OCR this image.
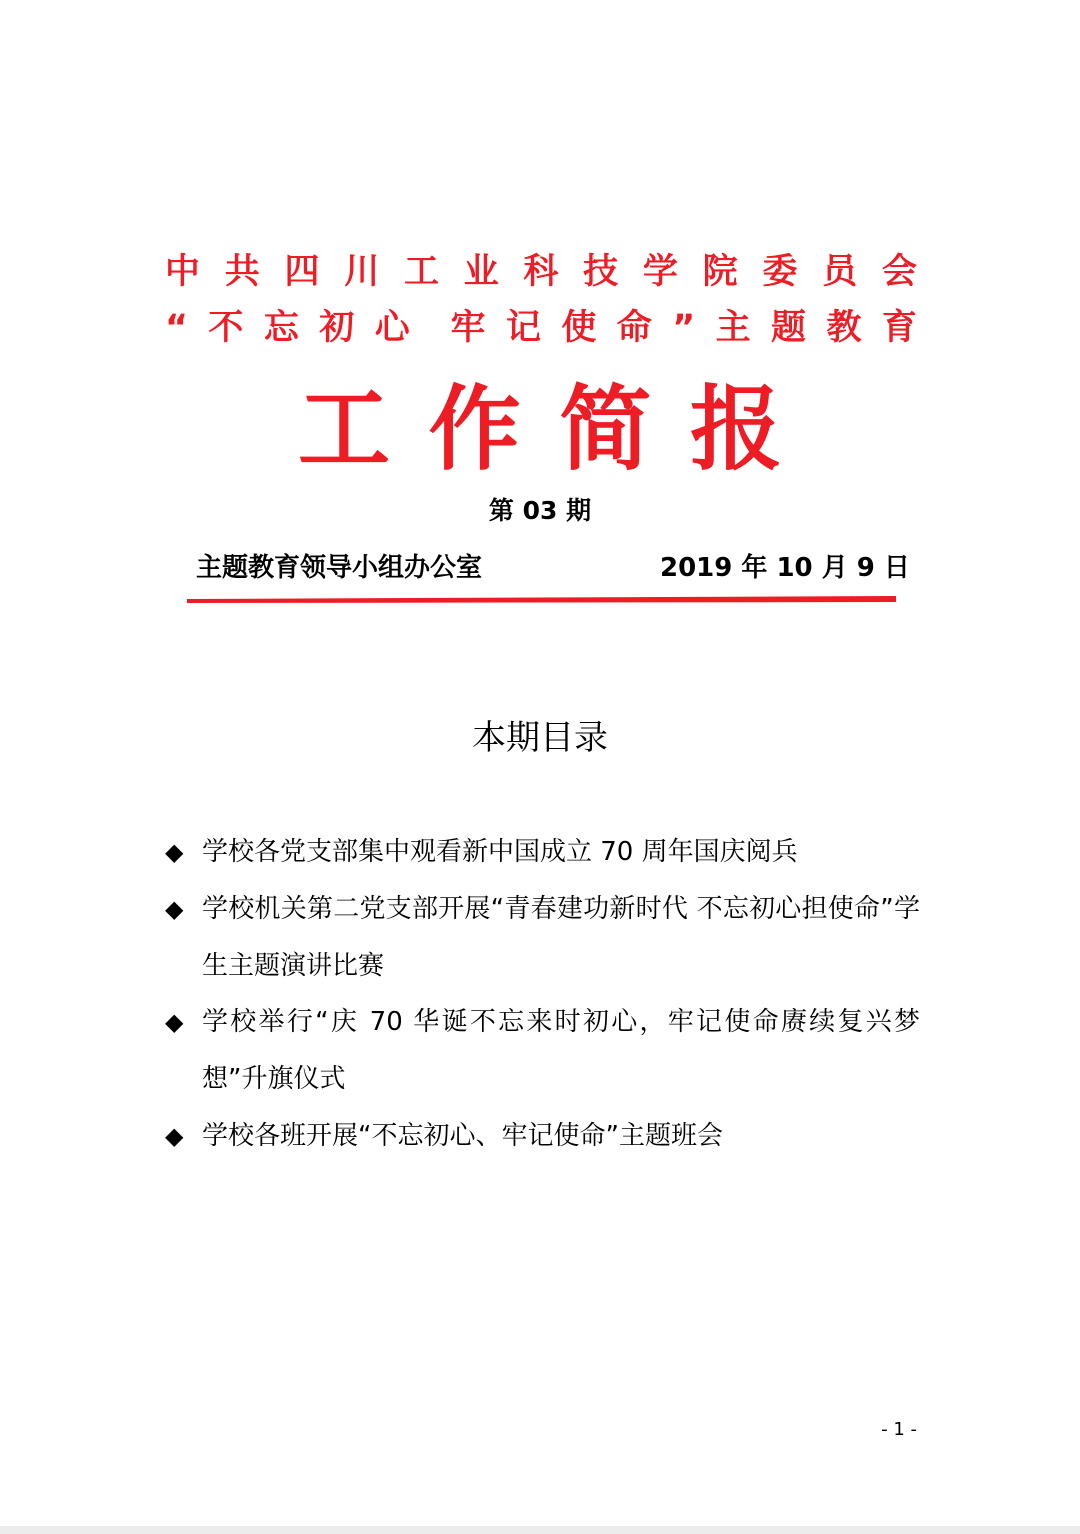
中 共 四 川 工 业 科 技 学 院 委 员 会
“ 不 忘 初 心 牢 记 使 命 ” 主 题 教 育
工 作 简 报
第 03 期
主题教育领导小组办公室	2019 年 10 月 9 日
本期目录
◆ 学校各党支部集中观看新中国成立 70 周年国庆阅兵
◆ 学校机关第二党支部开展“青春建功新时代 不忘初心担使命”学生主题演讲比赛
◆ 学校举行“庆 70 华诞不忘来时初心，牢记使命赓续复兴梦想”升旗仪式
◆ 学校各班开展“不忘初心、牢记使命”主题班会
- 1 -
